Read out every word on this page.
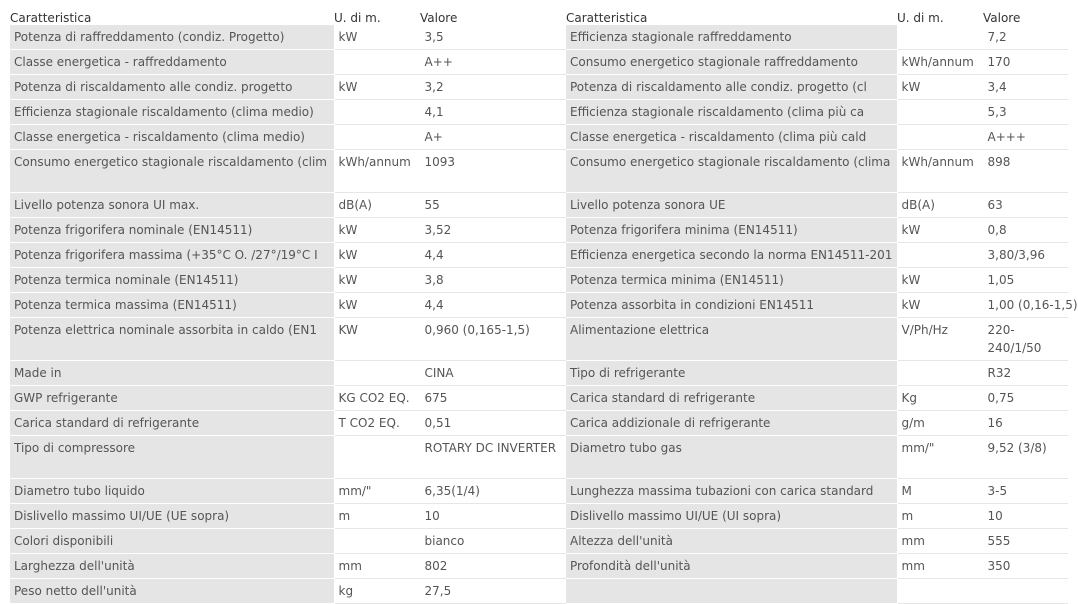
Caratteristica	U. di m.	Valore
Potenza di raffreddamento (condiz. Progetto)	kW	3,5
Classe energetica - raffreddamento		A++
Potenza di riscaldamento alle condiz. progetto	kW	3,2
Efficienza stagionale riscaldamento (clima medio)		4,1
Classe energetica - riscaldamento (clima medio)		A+
Consumo energetico stagionale riscaldamento (clim	kWh/annum	1093
Livello potenza sonora UI max.	dB(A)	55
Potenza frigorifera nominale (EN14511)	kW	3,52
Potenza frigorifera massima (+35°C O. /27°/19°C I	kW	4,4
Potenza termica nominale (EN14511)	kW	3,8
Potenza termica massima (EN14511)	kW	4,4
Potenza elettrica nominale assorbita in caldo (EN1	KW	0,960 (0,165-1,5)
Made in		CINA
GWP refrigerante	KG CO2 EQ.	675
Carica standard di refrigerante	T CO2 EQ.	0,51
Tipo di compressore		ROTARY DC INVERTER
Diametro tubo liquido	mm/"	6,35(1/4)
Dislivello massimo UI/UE (UE sopra)	m	10
Colori disponibili		bianco
Larghezza dell'unità	mm	802
Peso netto dell'unità	kg	27,5
Caratteristica	U. di m.	Valore
Efficienza stagionale raffreddamento		7,2
Consumo energetico stagionale raffreddamento	kWh/annum	170
Potenza di riscaldamento alle condiz. progetto (cl	kW	3,4
Efficienza stagionale riscaldamento (clima più ca		5,3
Classe energetica - riscaldamento (clima più cald		A+++
Consumo energetico stagionale riscaldamento (clima	kWh/annum	898
Livello potenza sonora UE	dB(A)	63
Potenza frigorifera minima (EN14511)	kW	0,8
Efficienza energetica secondo la norma EN14511-201		3,80/3,96
Potenza termica minima (EN14511)	kW	1,05
Potenza assorbita in condizioni EN14511	kW	1,00 (0,16-1,5)
Alimentazione elettrica	V/Ph/Hz	220-240/1/50
Tipo di refrigerante		R32
Carica standard di refrigerante	Kg	0,75
Carica addizionale di refrigerante	g/m	16
Diametro tubo gas	mm/"	9,52 (3/8)
Lunghezza massima tubazioni con carica standard	M	3-5
Dislivello massimo UI/UE (UI sopra)	m	10
Altezza dell'unità	mm	555
Profondità dell'unità	mm	350
